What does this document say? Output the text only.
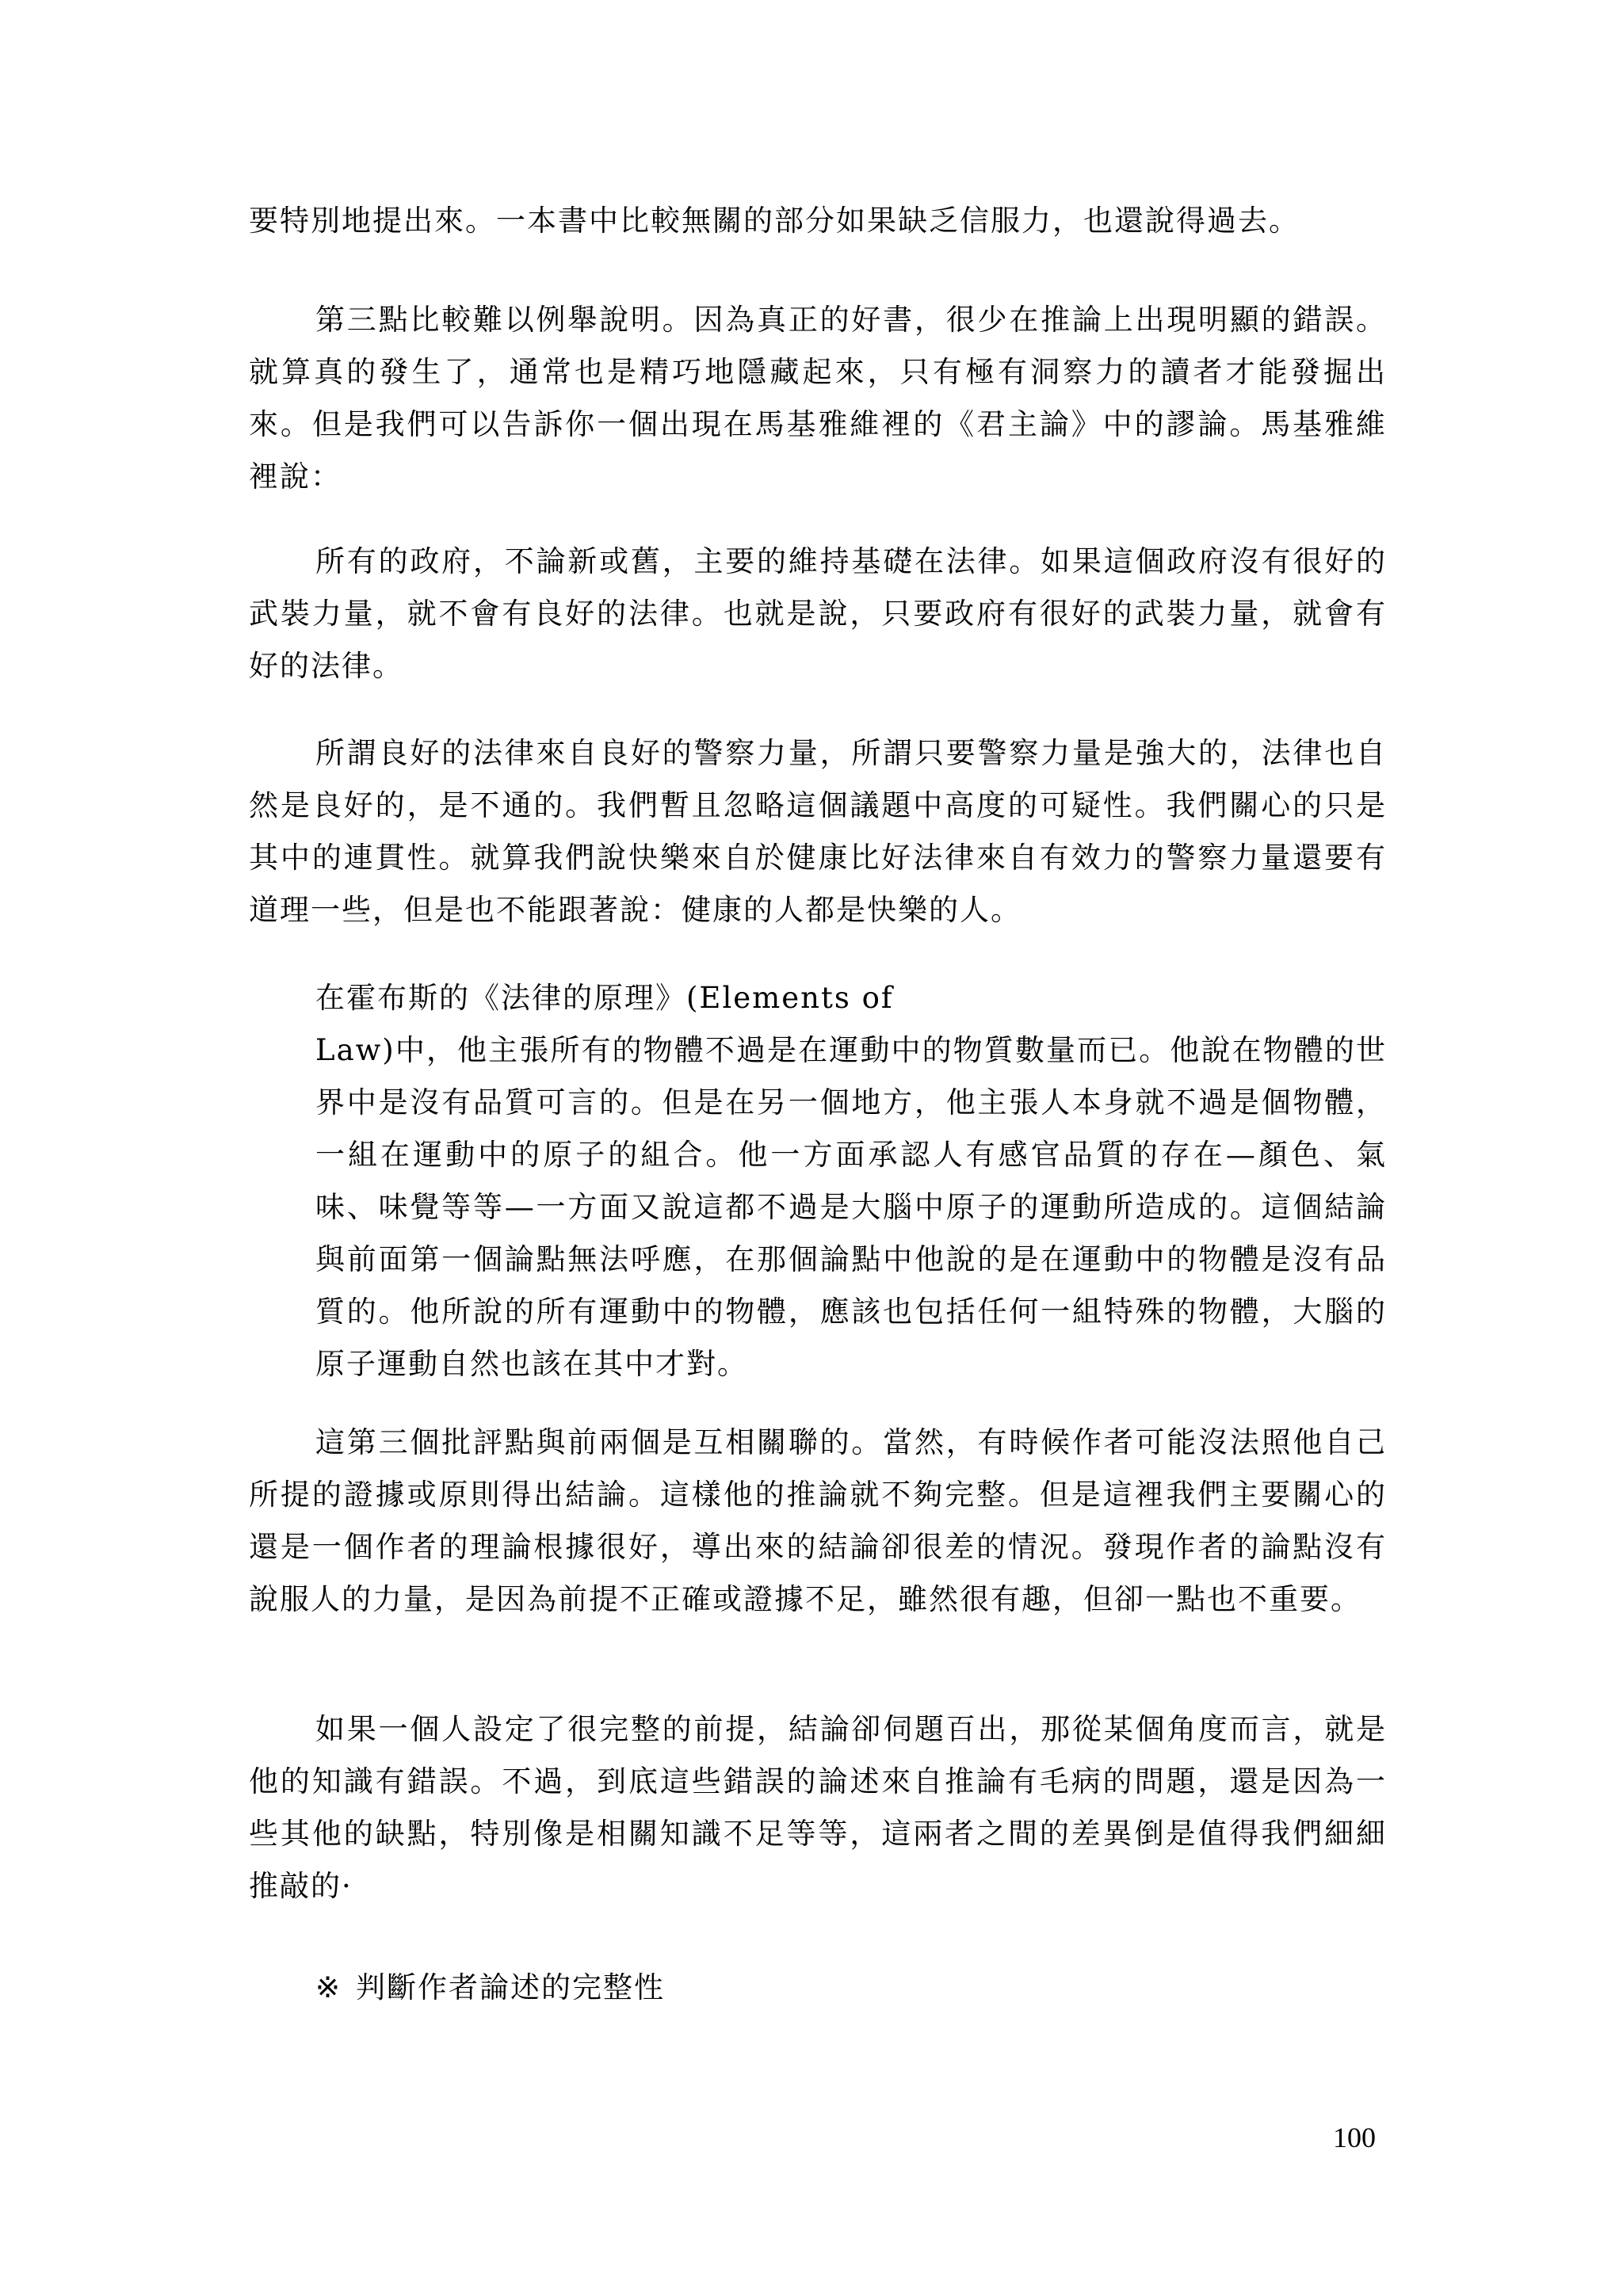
要特別地提出來。一本書中比較無關的部分如果缺乏信服力，也還說得過去。

第三點比較難以例舉說明。因為真正的好書，很少在推論上出現明顯的錯誤。就算真的發生了，通常也是精巧地隱藏起來，只有極有洞察力的讀者才能發掘出來。但是我們可以告訴你一個出現在馬基雅維裡的《君主論》中的謬論。馬基雅維裡說：

所有的政府，不論新或舊，主要的維持基礎在法律。如果這個政府沒有很好的武裝力量，就不會有良好的法律。也就是說，只要政府有很好的武裝力量，就會有好的法律。

所謂良好的法律來自良好的警察力量，所謂只要警察力量是強大的，法律也自然是良好的，是不通的。我們暫且忽略這個議題中高度的可疑性。我們關心的只是其中的連貫性。就算我們說快樂來自於健康比好法律來自有效力的警察力量還要有道理一些，但是也不能跟著說：健康的人都是快樂的人。

在霍布斯的《法律的原理》(Elements of
Law)中，他主張所有的物體不過是在運動中的物質數量而已。他說在物體的世界中是沒有品質可言的。但是在另一個地方，他主張人本身就不過是個物體，一組在運動中的原子的組合。他一方面承認人有感官品質的存在—顏色、氣味、味覺等等—一方面又說這都不過是大腦中原子的運動所造成的。這個結論與前面第一個論點無法呼應，在那個論點中他說的是在運動中的物體是沒有品質的。他所說的所有運動中的物體，應該也包括任何一組特殊的物體，大腦的原子運動自然也該在其中才對。

這第三個批評點與前兩個是互相關聯的。當然，有時候作者可能沒法照他自己所提的證據或原則得出結論。這樣他的推論就不夠完整。但是這裡我們主要關心的還是一個作者的理論根據很好，導出來的結論卻很差的情況。發現作者的論點沒有說服人的力量，是因為前提不正確或證據不足，雖然很有趣，但卻一點也不重要。

如果一個人設定了很完整的前提，結論卻伺題百出，那從某個角度而言，就是他的知識有錯誤。不過，到底這些錯誤的論述來自推論有毛病的問題，還是因為一些其他的缺點，特別像是相關知識不足等等，這兩者之間的差異倒是值得我們細細推敲的·

※ 判斷作者論述的完整性
100
